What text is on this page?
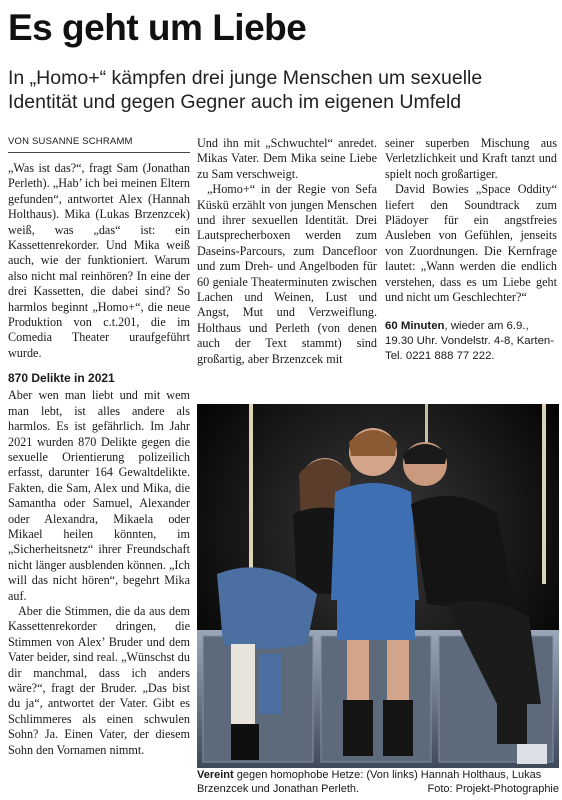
Es geht um Liebe

In „Homo+“ kämpfen drei junge Menschen um sexuelle Identität und gegen Gegner auch im eigenen Umfeld

VON SUSANNE SCHRAMM

„Was ist das?“, fragt Sam (Jonathan Perleth). „Hab’ ich bei meinen Eltern gefunden“, antwortet Alex (Hannah Holthaus). Mika (Lukas Brzenzcek) weiß, was „das“ ist: ein Kassettenrekorder. Und Mika weiß auch, wie der funktioniert. Warum also nicht mal reinhören? In eine der drei Kassetten, die dabei sind? So harmlos beginnt „Homo+“, die neue Produktion von c.t.201, die im Comedia Theater uraufgeführt wurde.

870 Delikte in 2021

Aber wen man liebt und mit wem man lebt, ist alles andere als harmlos. Es ist gefährlich. Im Jahr 2021 wurden 870 Delikte gegen die sexuelle Orientierung polizeilich erfasst, darunter 164 Gewaltdelikte. Fakten, die Sam, Alex und Mika, die Samantha oder Samuel, Alexander oder Alexandra, Mikaela oder Mikael heilen könnten, im „Sicherheitsnetz“ ihrer Freundschaft nicht länger ausblenden können. „Ich will das nicht hören“, begehrt Mika auf.

Aber die Stimmen, die da aus dem Kassettenrekorder dringen, die Stimmen von Alex’ Bruder und dem Vater beider, sind real. „Wünschst du dir manchmal, dass ich anders wäre?“, fragt der Bruder. „Das bist du ja“, antwortet der Vater. Gibt es Schlimmeres als einen schwulen Sohn? Ja. Einen Vater, der diesem Sohn den Vornamen nimmt.

Und ihn mit „Schwuchtel“ anredet. Mikas Vater. Dem Mika seine Liebe zu Sam verschweigt.

„Homo+“ in der Regie von Sefa Küskü erzählt von jungen Menschen und ihrer sexuellen Identität. Drei Lautsprecherboxen werden zum Daseins-Parcours, zum Dancefloor und zum Dreh- und Angelboden für 60 geniale Theaterminuten zwischen Lachen und Weinen, Lust und Angst, Mut und Verzweiflung. Holthaus und Perleth (von denen auch der Text stammt) sind großartig, aber Brzenzcek mit

seiner superben Mischung aus Verletzlichkeit und Kraft tanzt und spielt noch großartiger.

David Bowies „Space Oddity“ liefert den Soundtrack zum Plädoyer für ein angstfreies Ausleben von Gefühlen, jenseits von Zuordnungen. Die Kernfrage lautet: „Wann werden die endlich verstehen, dass es um Liebe geht und nicht um Geschlechter?“

60 Minuten, wieder am 6.9., 19.30 Uhr. Vondelstr. 4-8, Karten-Tel. 0221 888 77 222.
Vereint gegen homophobe Hetze: (Von links) Hannah Holthaus, Lukas Brzenzcek und Jonathan Perleth.	Foto: Projekt-Photographie
